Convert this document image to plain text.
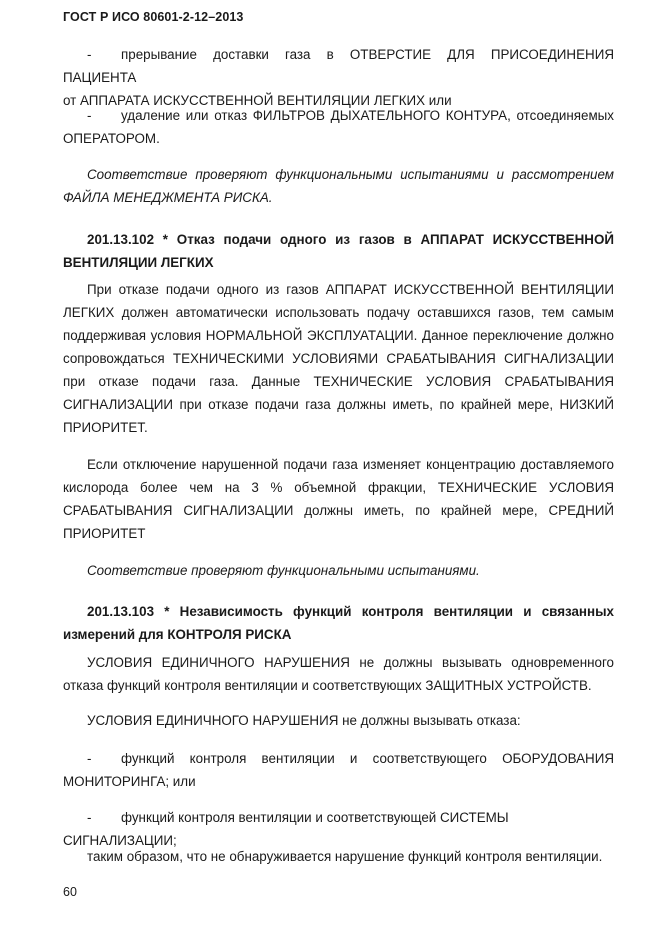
ГОСТ Р ИСО 80601-2-12–2013
- прерывание доставки газа в ОТВЕРСТИЕ ДЛЯ ПРИСОЕДИНЕНИЯ ПАЦИЕНТА
от АППАРАТА ИСКУССТВЕННОЙ ВЕНТИЛЯЦИИ ЛЕГКИХ или
- удаление или отказ ФИЛЬТРОВ ДЫХАТЕЛЬНОГО КОНТУРА, отсоединяемых
ОПЕРАТОРОМ.
Соответствие проверяют функциональными испытаниями и рассмотрением
ФАЙЛА МЕНЕДЖМЕНТА РИСКА.
201.13.102 * Отказ подачи одного из газов в АППАРАТ ИСКУССТВЕННОЙ
ВЕНТИЛЯЦИИ ЛЕГКИХ
При отказе подачи одного из газов АППАРАТ ИСКУССТВЕННОЙ ВЕНТИЛЯЦИИ
ЛЕГКИХ должен автоматически использовать подачу оставшихся газов, тем самым
поддерживая условия НОРМАЛЬНОЙ ЭКСПЛУАТАЦИИ. Данное переключение должно
сопровождаться ТЕХНИЧЕСКИМИ УСЛОВИЯМИ СРАБАТЫВАНИЯ СИГНАЛИЗАЦИИ
при отказе подачи газа. Данные ТЕХНИЧЕСКИЕ УСЛОВИЯ СРАБАТЫВАНИЯ
СИГНАЛИЗАЦИИ при отказе подачи газа должны иметь, по крайней мере, НИЗКИЙ
ПРИОРИТЕТ.
Если отключение нарушенной подачи газа изменяет концентрацию доставляемого
кислорода более чем на 3 % объемной фракции, ТЕХНИЧЕСКИЕ УСЛОВИЯ
СРАБАТЫВАНИЯ СИГНАЛИЗАЦИИ должны иметь, по крайней мере, СРЕДНИЙ
ПРИОРИТЕТ
Соответствие проверяют функциональными испытаниями.
201.13.103 * Независимость функций контроля вентиляции и связанных
измерений для КОНТРОЛЯ РИСКА
УСЛОВИЯ ЕДИНИЧНОГО НАРУШЕНИЯ не должны вызывать одновременного
отказа функций контроля вентиляции и соответствующих ЗАЩИТНЫХ УСТРОЙСТВ.
УСЛОВИЯ ЕДИНИЧНОГО НАРУШЕНИЯ не должны вызывать отказа:
- функций контроля вентиляции и соответствующего ОБОРУДОВАНИЯ
МОНИТОРИНГА; или
- функций контроля вентиляции и соответствующей СИСТЕМЫ СИГНАЛИЗАЦИИ;
таким образом, что не обнаруживается нарушение функций контроля вентиляции.
60
